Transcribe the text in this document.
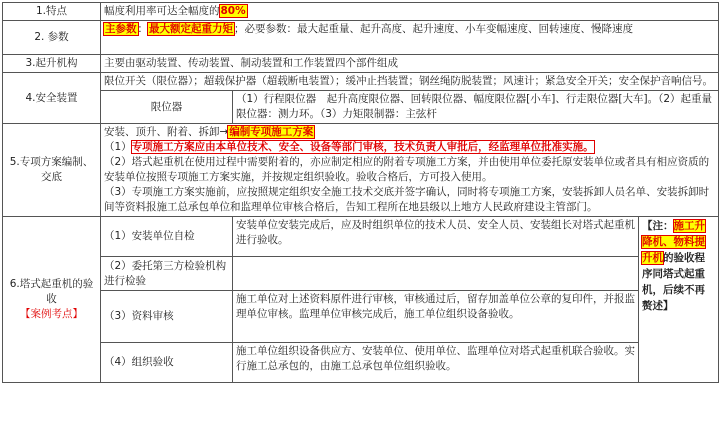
1.特点	幅度利用率可达全幅度的80%		
2. 参数	主参数：最大额定起重力矩；必要参数：最大起重量、起升高度、起升速度、小车变幅速度、回转速度、慢降速度		
3.起升机构	主要由驱动装置、传动装置、制动装置和工作装置四个部件组成		
4.安全装置	限位开关（限位器）；超载保护器（超载断电装置）；缓冲止挡装置；钢丝绳防脱装置；风速计；紧急安全开关；安全保护音响信号。		
	限位器	（1）行程限位器　起升高度限位器、回转限位器、幅度限位器[小车]、行走限位器[大车]。（2）起重量限位器：测力环。（3）力矩限制器：主弦杆	
5.专项方案编制、交底	安装、顶升、附着、拆卸→编制专项施工方案
（1）专项施工方案应由本单位技术、安全、设备等部门审核，技术负责人审批后，经监理单位批准实施。
（2）塔式起重机在使用过程中需要附着的，亦应制定相应的附着专项施工方案，并由使用单位委托原安装单位或者具有相应资质的安装单位按照专项施工方案实施，并按规定组织验收。验收合格后，方可投入使用。
（3）专项施工方案实施前，应按照规定组织安全施工技术交底并签字确认，同时将专项施工方案，安装拆卸人员名单、安装拆卸时间等资料报施工总承包单位和监理单位审核合格后，告知工程所在地县级以上地方人民政府建设主管部门。		

6.塔式起重机的验收
【案例考点】	（1）安装单位自检	安装单位安装完成后，应及时组织单位的技术人员、安全人员、安装组长对塔式起重机进行验收。	【注：施工升降机、物料提升机的验收程序同塔式起重机，后续不再赘述】
	（2）委托第三方检验机构进行检验		
	（3）资料审核	施工单位对上述资料原件进行审核，审核通过后，留存加盖单位公章的复印件，并报监理单位审核。监理单位审核完成后，施工单位组织设备验收。	
	（4）组织验收	施工单位组织设备供应方、安装单位、使用单位、监理单位对塔式起重机联合验收。实行施工总承包的，由施工总承包单位组织验收。	
